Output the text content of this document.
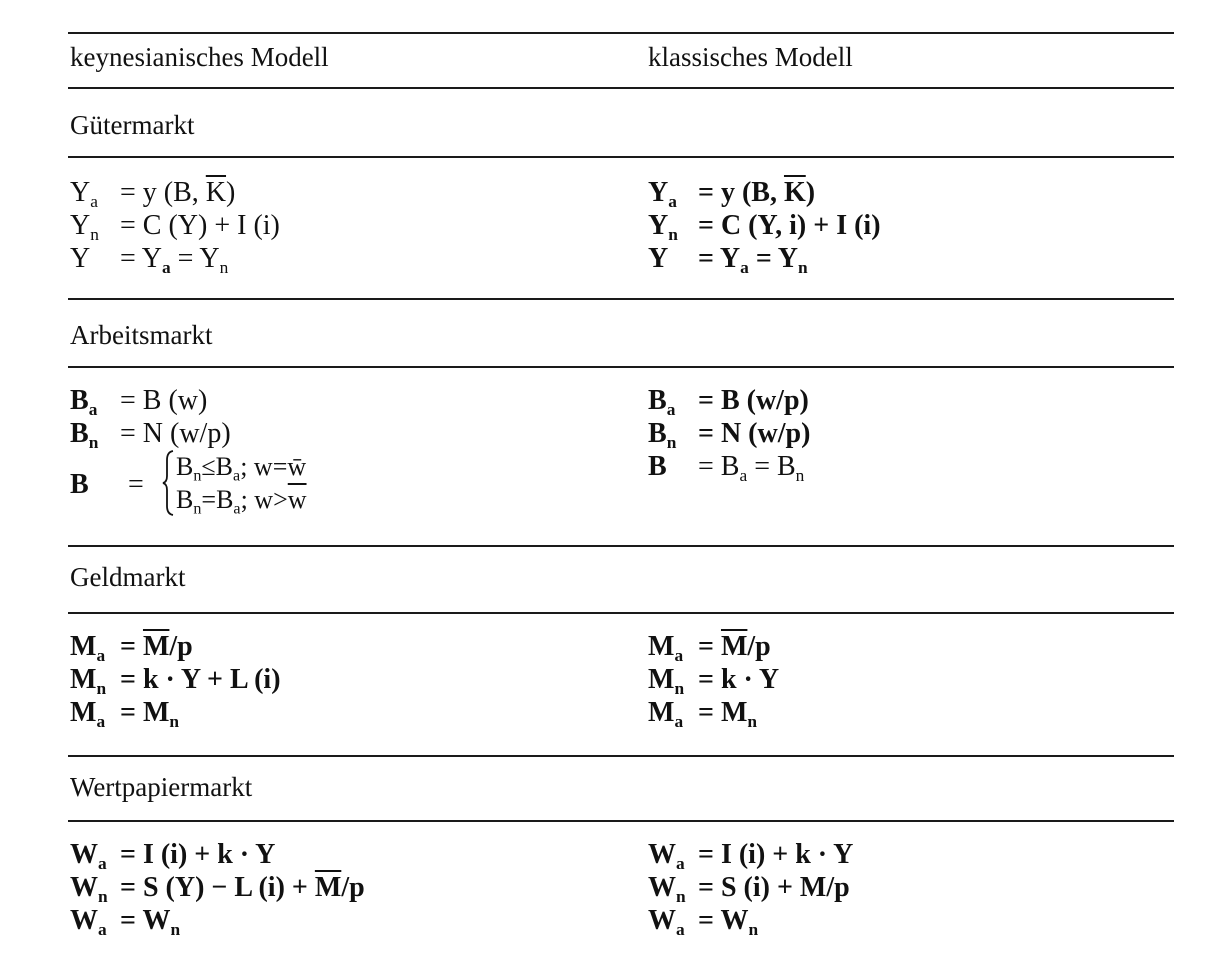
keynesianisches Modell	klassisches Modell
Gütermarkt
$Y_a = y$ (B, $\overline{K}$)
$Y_n = C$ (Y) + I (i)
$Y = Y_a = Y_n$
$Y_a = y$ (B, $\overline{K}$)
$Y_n = C$ (Y, i) + I (i)
$Y = Y_a = Y_n$
Arbeitsmarkt
$B_a = B$ (w)
$B_n = N$ (w/p)
B =
$B_n\le B_a$; w=w̄
$B_n=B_a$; $w>\overline{w}$
$B_a = B$ (w/p)
$B_n = N$ (w/p)
$B = B_a = B_n$
Geldmarkt
$M_a = \overline{M}/p$
$M_n = k \cdot Y + L$ (i)
$M_a = M_n$
$M_a = \overline{M}/p$
$M_n = k \cdot Y$
$M_a = M_n$
Wertpapiermarkt
$W_a = I$ (i) + k · Y
$W_n = S$ (Y) − L $(i) + \overline{M}/p$
$W_a = W_n$
$W_a = I$ (i) + k · Y
$W_n = S$ (i) + M/p
$W_a = W_n$
